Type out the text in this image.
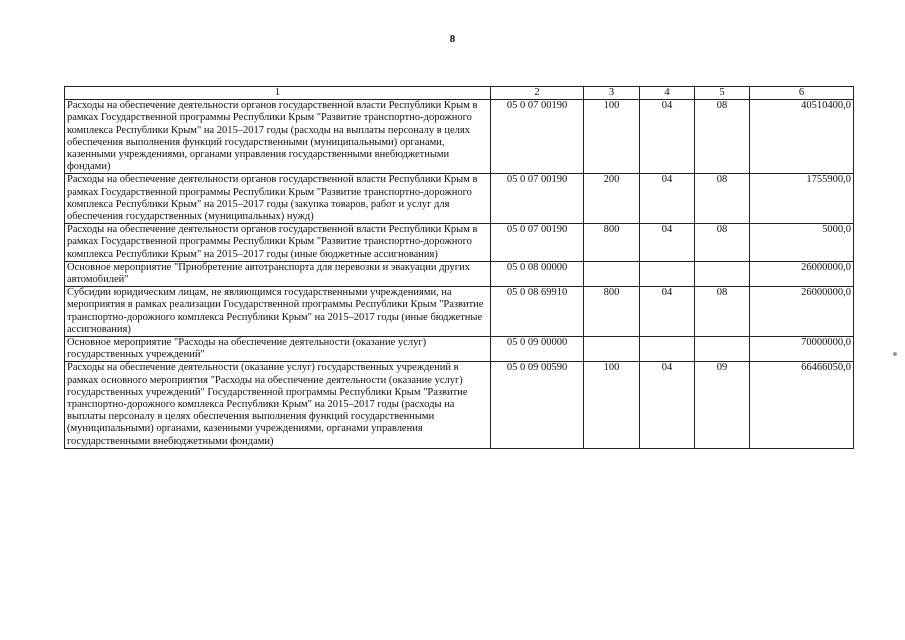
8
1	2	3	4	5	6
Расходы на обеспечение деятельности органов государственной власти Республики Крым в рамках Государственной программы Республики Крым "Развитие транспортно-дорожного комплекса Республики Крым" на 2015–2017 годы (расходы на выплаты персоналу в целях обеспечения выполнения функций государственными (муниципальными) органами, казенными учреждениями, органами управления государственными внебюджетными фондами)	05 0 07 00190	100	04	08	40510400,0
Расходы на обеспечение деятельности органов государственной власти Республики Крым в рамках Государственной программы Республики Крым "Развитие транспортно-дорожного комплекса Республики Крым" на 2015–2017 годы (закупка товаров, работ и услуг для обеспечения государственных (муниципальных) нужд)	05 0 07 00190	200	04	08	1755900,0
Расходы на обеспечение деятельности органов государственной власти Республики Крым в рамках Государственной программы Республики Крым "Развитие транспортно-дорожного комплекса Республики Крым" на 2015–2017 годы (иные бюджетные ассигнования)	05 0 07 00190	800	04	08	5000,0
Основное мероприятие "Приобретение автотранспорта для перевозки и эвакуации других автомобилей"	05 0 08 00000				26000000,0
Субсидии юридическим лицам, не являющимся государственными учреждениями, на мероприятия в рамках реализации Государственной программы Республики Крым "Развитие транспортно-дорожного комплекса Республики Крым" на 2015–2017 годы (иные бюджетные ассигнования)	05 0 08 69910	800	04	08	26000000,0
Основное мероприятие "Расходы на обеспечение деятельности (оказание услуг) государственных учреждений"	05 0 09 00000				70000000,0
Расходы на обеспечение деятельности (оказание услуг) государственных учреждений в рамках основного мероприятия "Расходы на обеспечение деятельности (оказание услуг) государственных учреждений" Государственной программы Республики Крым "Развитие транспортно-дорожного комплекса Республики Крым" на 2015–2017 годы (расходы на выплаты персоналу в целях обеспечения выполнения функций государственными (муниципальными) органами, казенными учреждениями, органами управления государственными внебюджетными фондами)	05 0 09 00590	100	04	09	66466050,0
